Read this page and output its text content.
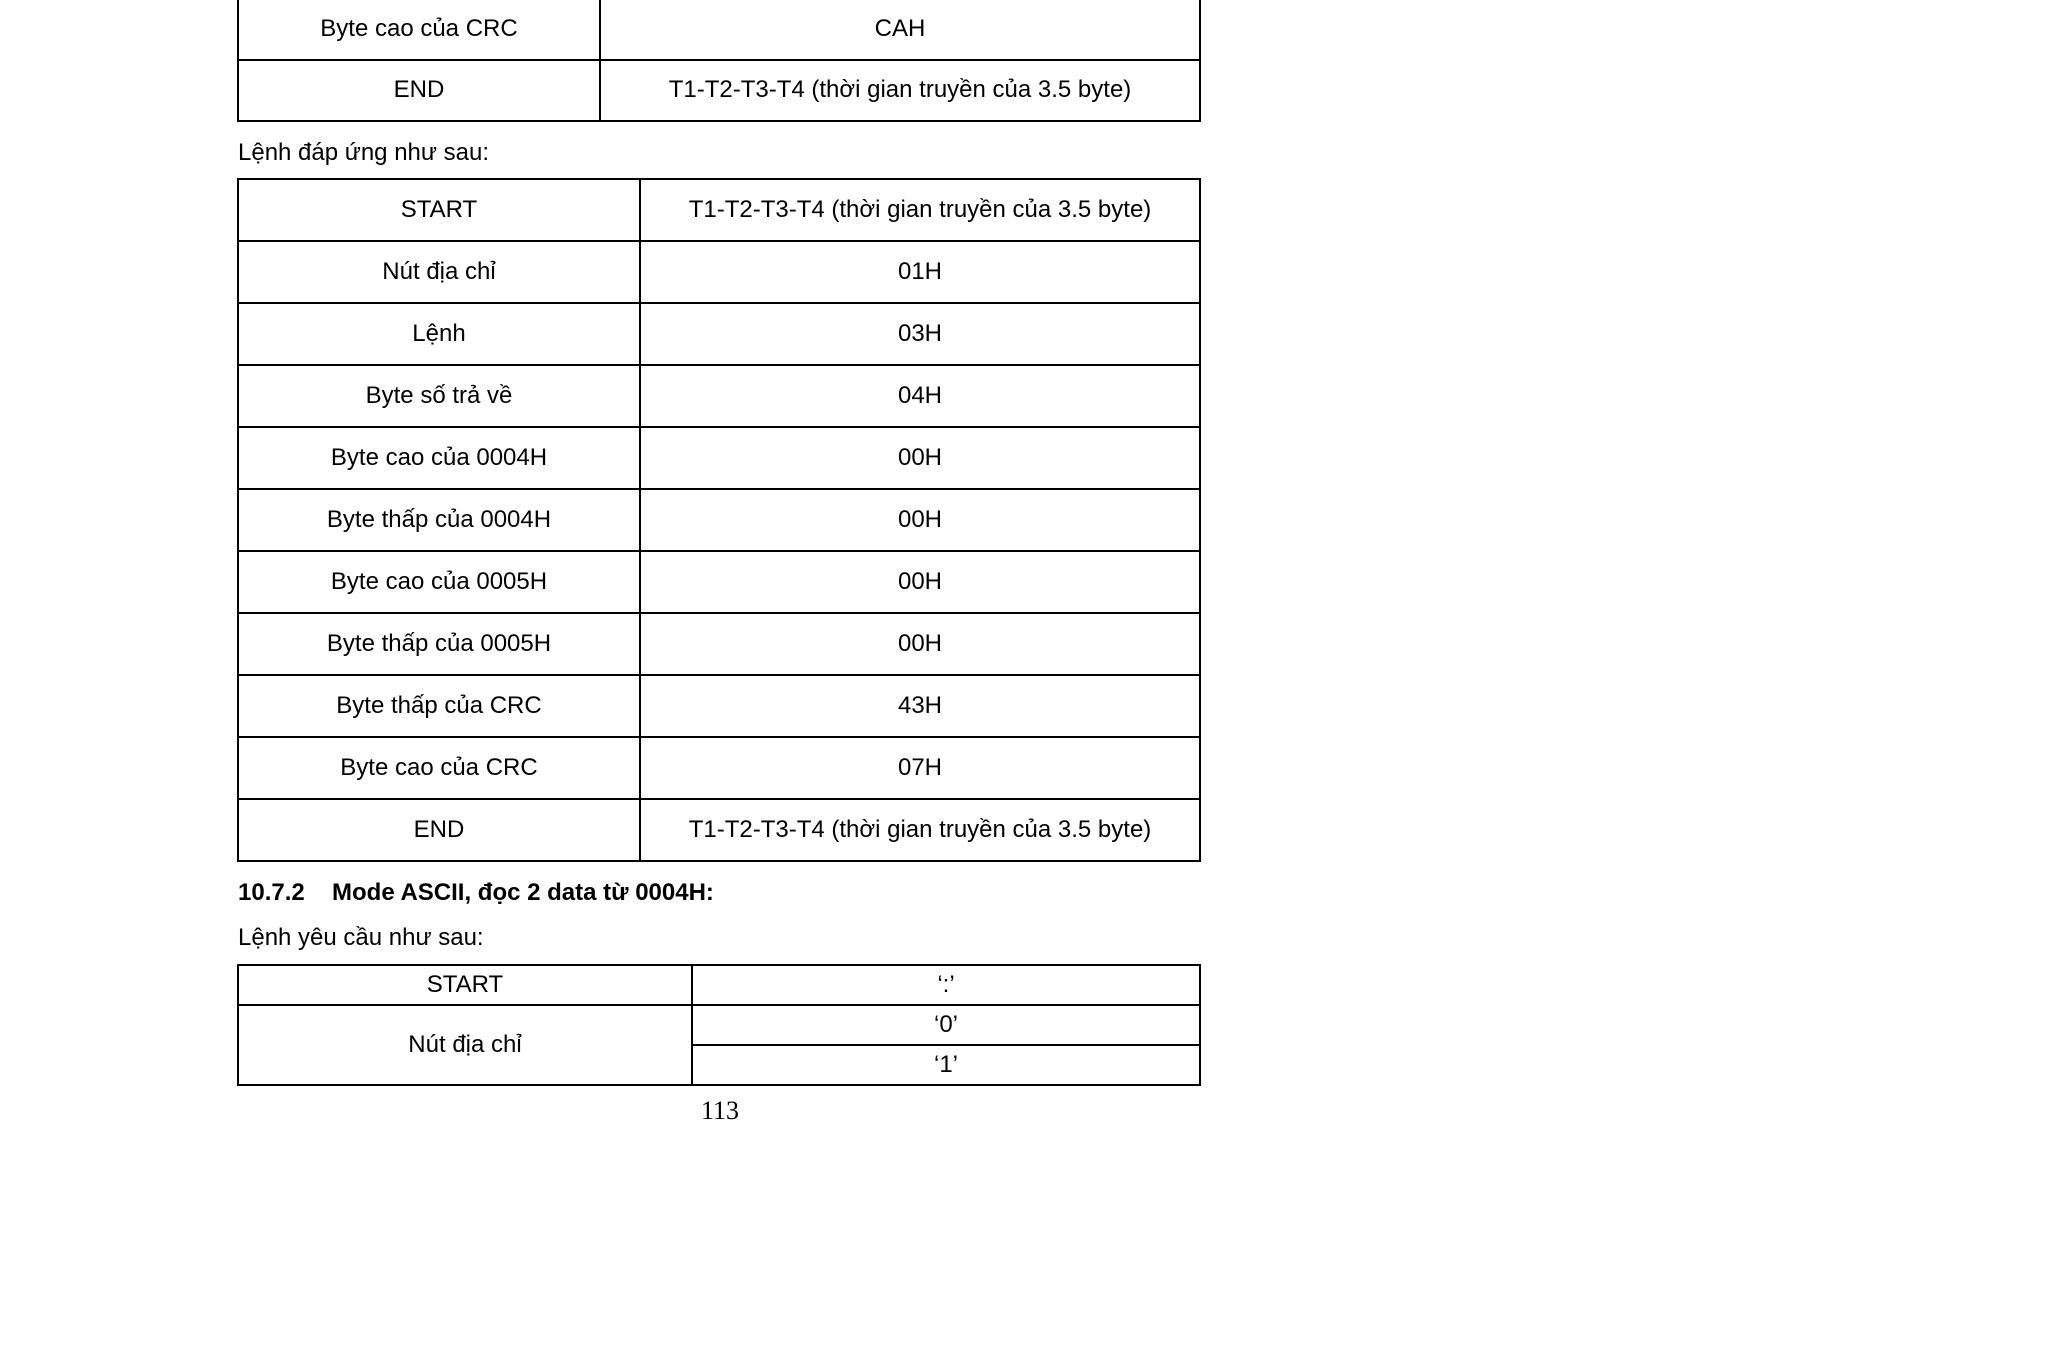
Byte cao của CRC	CAH
END	T1-T2-T3-T4 (thời gian truyền của 3.5 byte)
Lệnh đáp ứng như sau:
START	T1-T2-T3-T4 (thời gian truyền của 3.5 byte)
Nút địa chỉ	01H
Lệnh	03H
Byte số trả về	04H
Byte cao của 0004H	00H
Byte thấp của 0004H	00H
Byte cao của 0005H	00H
Byte thấp của 0005H	00H
Byte thấp của CRC	43H
Byte cao của CRC	07H
END	T1-T2-T3-T4 (thời gian truyền của 3.5 byte)
10.7.2 Mode ASCII, đọc 2 data từ 0004H:
Lệnh yêu cầu như sau:
START	‘:’
Nút địa chỉ	‘0’
	‘1’
113
